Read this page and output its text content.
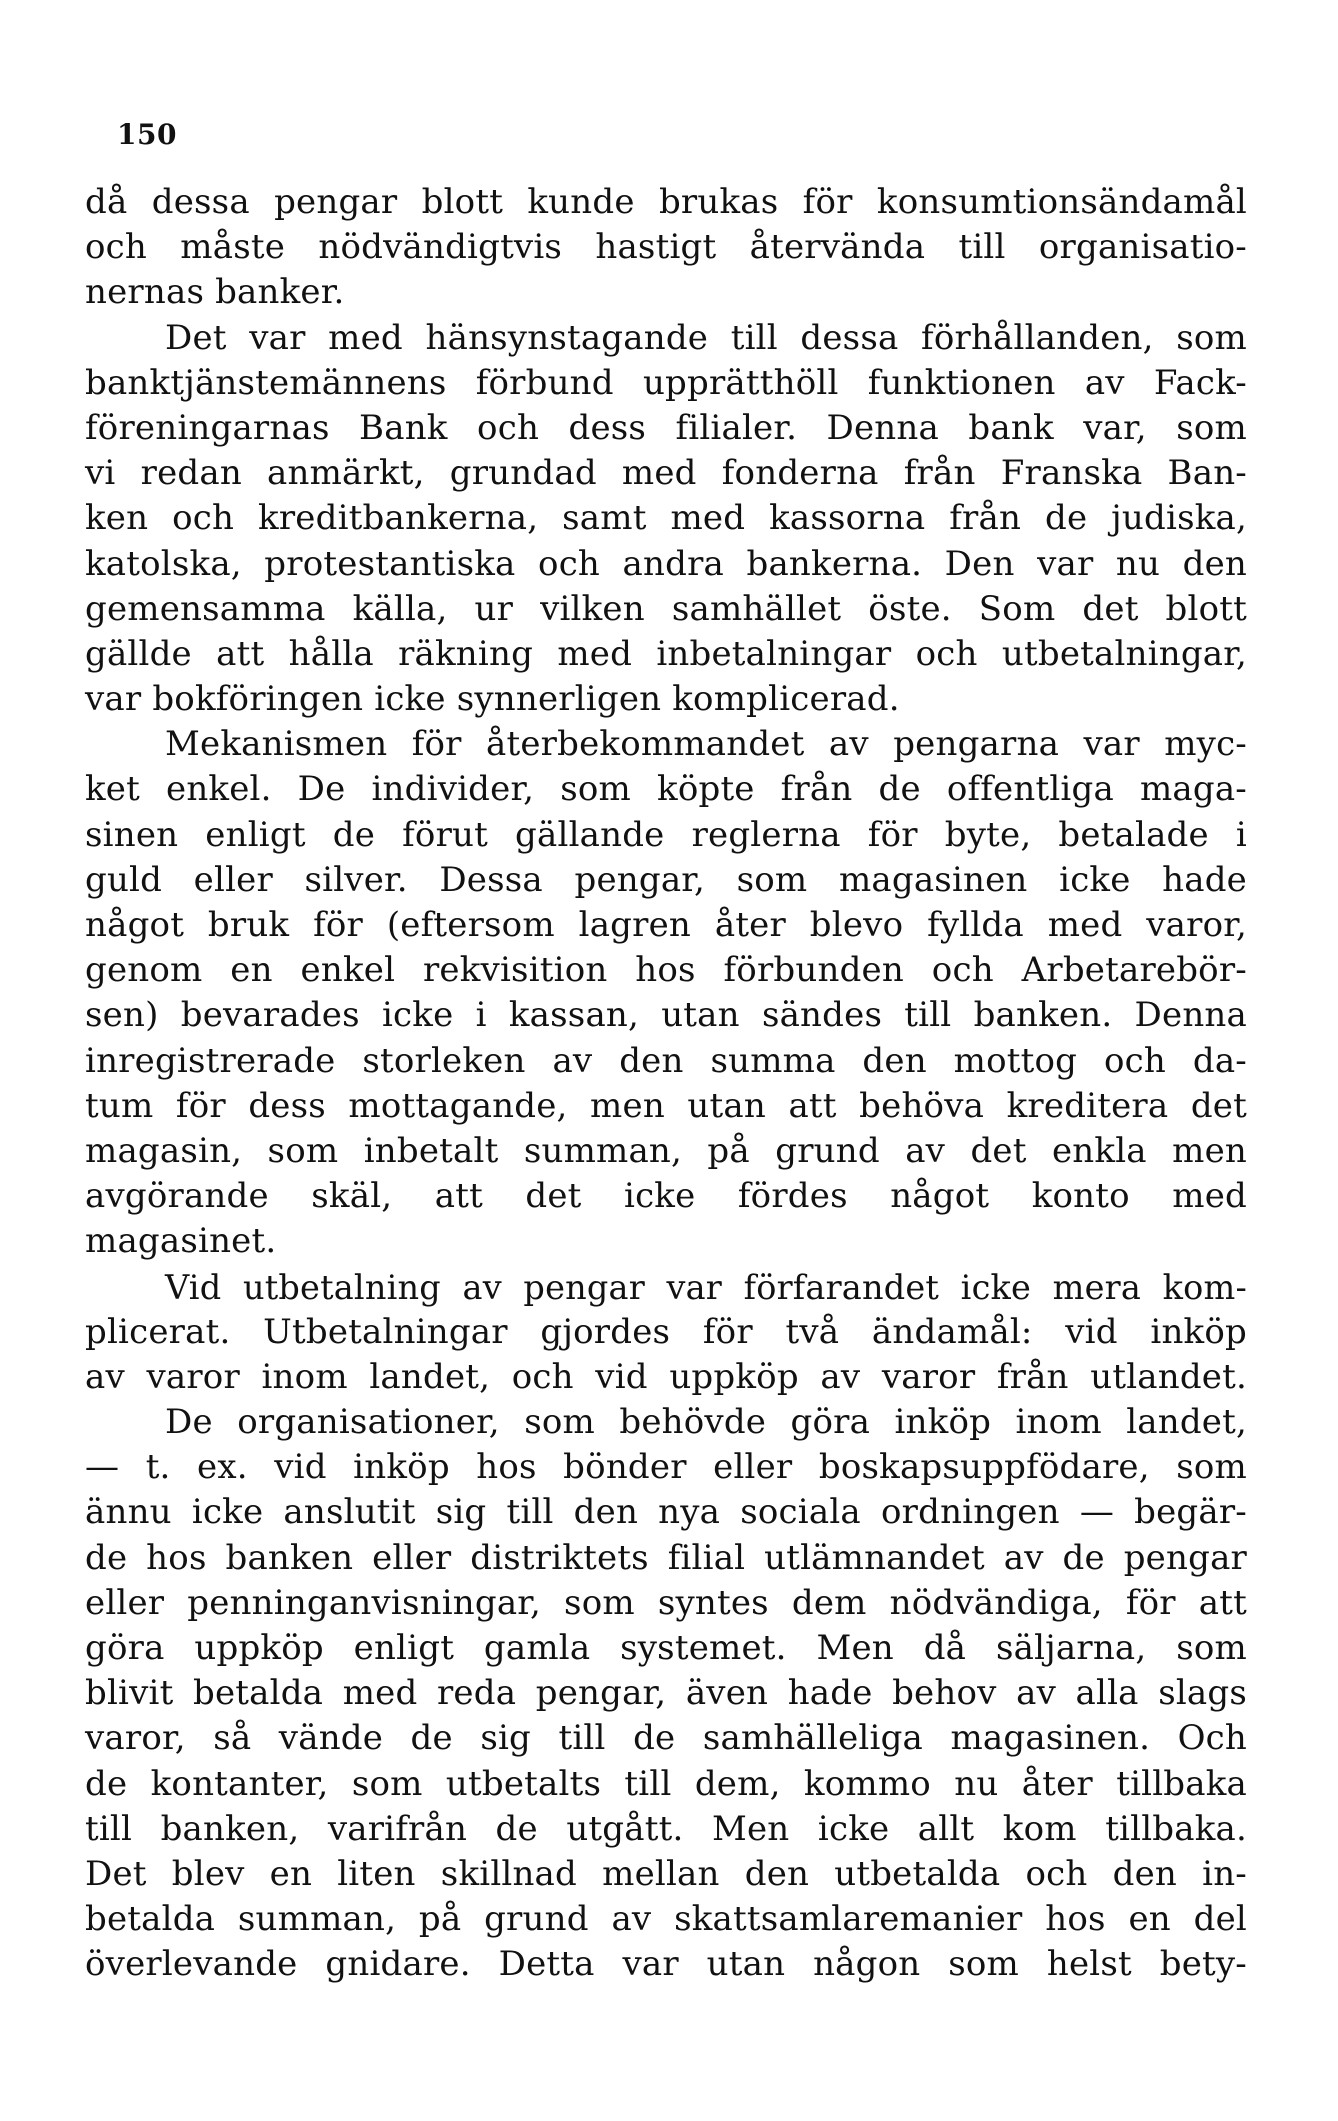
150
då dessa pengar blott kunde brukas för konsumtionsändamål
och måste nödvändigtvis hastigt återvända till organisatio-
nernas banker.
Det var med hänsynstagande till dessa förhållanden, som
banktjänstemännens förbund upprätthöll funktionen av Fack-
föreningarnas Bank och dess filialer. Denna bank var, som
vi redan anmärkt, grundad med fonderna från Franska Ban-
ken och kreditbankerna, samt med kassorna från de judiska,
katolska, protestantiska och andra bankerna. Den var nu den
gemensamma källa, ur vilken samhället öste. Som det blott
gällde att hålla räkning med inbetalningar och utbetalningar,
var bokföringen icke synnerligen komplicerad.
Mekanismen för återbekommandet av pengarna var myc-
ket enkel. De individer, som köpte från de offentliga maga-
sinen enligt de förut gällande reglerna för byte, betalade i
guld eller silver. Dessa pengar, som magasinen icke hade
något bruk för (eftersom lagren åter blevo fyllda med varor,
genom en enkel rekvisition hos förbunden och Arbetarebör-
sen) bevarades icke i kassan, utan sändes till banken. Denna
inregistrerade storleken av den summa den mottog och da-
tum för dess mottagande, men utan att behöva kreditera det
magasin, som inbetalt summan, på grund av det enkla men
avgörande skäl, att det icke fördes något konto med
magasinet.
Vid utbetalning av pengar var förfarandet icke mera kom-
plicerat. Utbetalningar gjordes för två ändamål: vid inköp
av varor inom landet, och vid uppköp av varor från utlandet.
De organisationer, som behövde göra inköp inom landet,
— t. ex. vid inköp hos bönder eller boskapsuppfödare, som
ännu icke anslutit sig till den nya sociala ordningen — begär-
de hos banken eller distriktets filial utlämnandet av de pengar
eller penninganvisningar, som syntes dem nödvändiga, för att
göra uppköp enligt gamla systemet. Men då säljarna, som
blivit betalda med reda pengar, även hade behov av alla slags
varor, så vände de sig till de samhälleliga magasinen. Och
de kontanter, som utbetalts till dem, kommo nu åter tillbaka
till banken, varifrån de utgått. Men icke allt kom tillbaka.
Det blev en liten skillnad mellan den utbetalda och den in-
betalda summan, på grund av skattsamlaremanier hos en del
överlevande gnidare. Detta var utan någon som helst bety-
